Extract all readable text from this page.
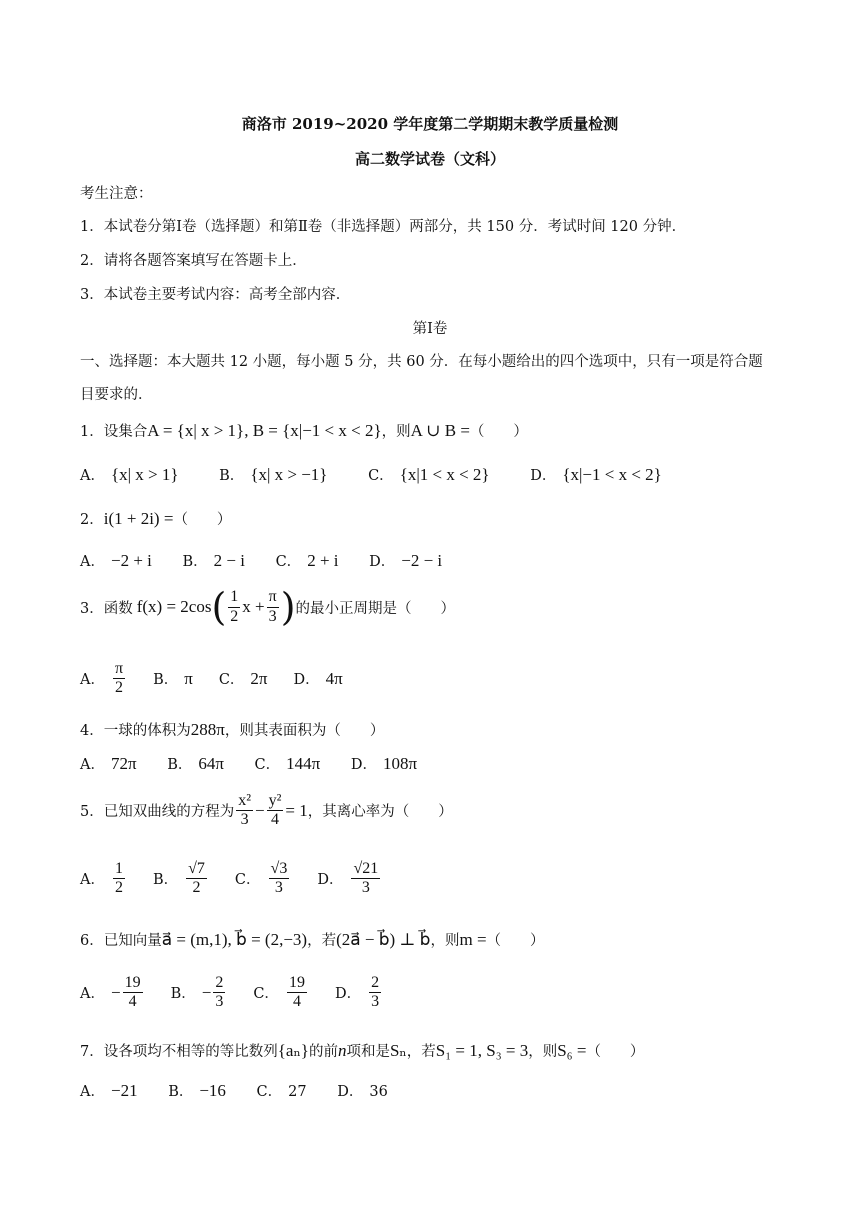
商洛市 2019~2020 学年度第二学期期末教学质量检测
高二数学试卷（文科）
考生注意：
1．本试卷分第Ⅰ卷（选择题）和第Ⅱ卷（非选择题）两部分，共 150 分．考试时间 120 分钟．
2．请将各题答案填写在答题卡上．
3．本试卷主要考试内容：高考全部内容．
第Ⅰ卷
一、选择题：本大题共 12 小题，每小题 5 分，共 60 分．在每小题给出的四个选项中，只有一项是符合题
目要求的．
1．设集合A = {x| x > 1}, B = {x|−1 < x < 2}，则A ∪ B =（　　）
A． {x| x > 1}	B． {x| x > −1}	C． {x|1 < x < 2}	D． {x|−1 < x < 2}
2．i(1 + 2i) =（　　）
A． −2 + i B． 2 − i C． 2 + i D． −2 − i
3． 函数 f(x) = 2cos ( $\frac{1}{2}$ $x + \frac{\pi}{3}$ ) 的最小正周期是 （　　）
A． $\frac{\pi}{2}$ B． π C． 2π D． 4π
4．一球的体积为288π，则其表面积为（　　）
A． 72π B． 64π C． 144π D． 108π
5． 已知双曲线的方程为 $\frac{\text{x²}}{3} - \frac{\text{y²}}{4} = 1$ ，其离心率为 （　　）
A． $\frac{1}{2}$ B． $\frac{√7}{2}$ C． $\frac{√3}{3}$ D． $\frac{√21}{3}$
6．已知向量a⃗ = (m,1), b⃗ = (2,−3)，若(2a⃗ − b⃗) ⊥ b⃗，则m =（　　）
A． − $\frac{19}{4}$ B． − $\frac{2}{3}$ C． $\frac{19}{4}$ D． $\frac{2}{3}$
7．设各项均不相等的等比数列{aₙ}的前n项和是Sₙ，若S₁ = 1, S₃ = 3，则S₆ =（　　）
A． −21 B． −16 C． 27 D． 36
